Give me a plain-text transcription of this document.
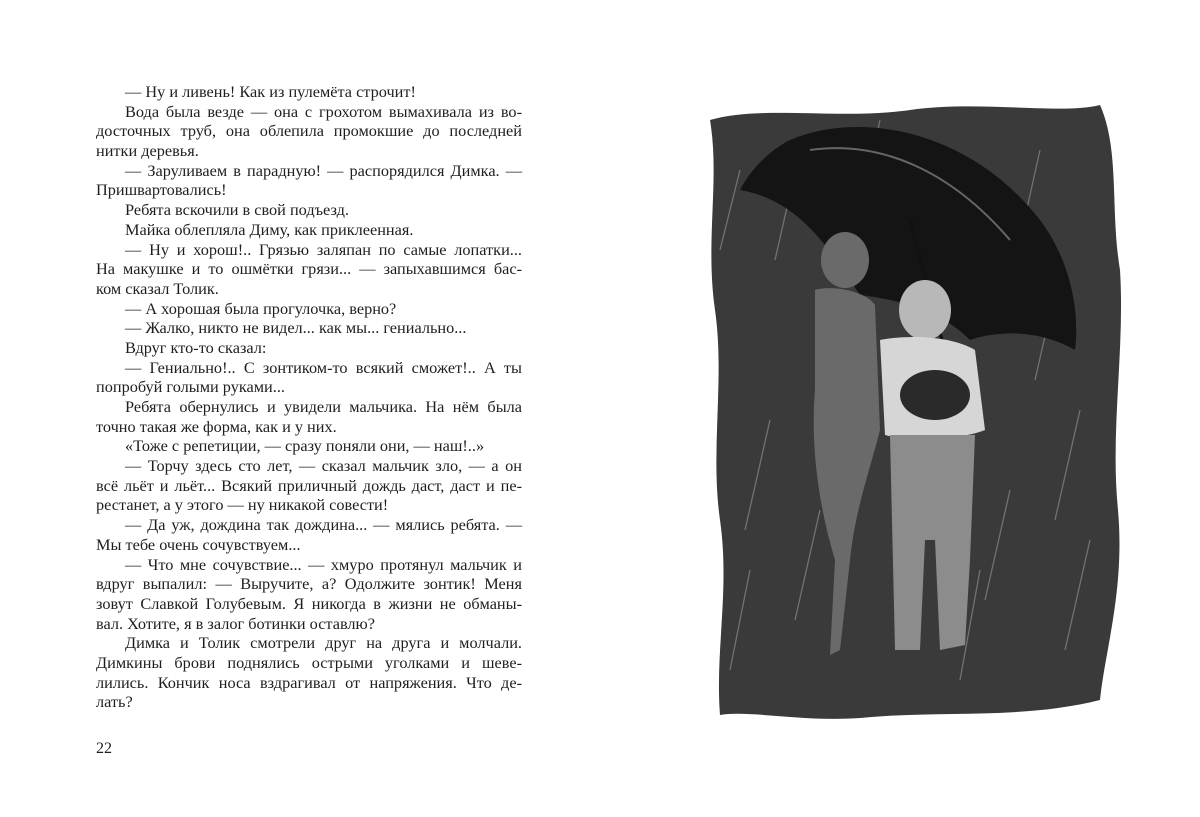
— Ну и ливень! Как из пулемёта строчит!
Вода была везде — она с грохотом вымахивала из во-
досточных труб, она облепила промокшие до последней
нитки деревья.
— Заруливаем в парадную! — распорядился Димка. —
Пришвартовались!
Ребята вскочили в свой подъезд.
Майка облепляла Диму, как приклеенная.
— Ну и хорош!.. Грязью заляпан по самые лопатки...
На макушке и то ошмётки грязи... — запыхавшимся бас-
ком сказал Толик.
— А хорошая была прогулочка, верно?
— Жалко, никто не видел... как мы... гениально...
Вдруг кто-то сказал:
— Гениально!.. С зонтиком-то всякий сможет!.. А ты
попробуй голыми руками...
Ребята обернулись и увидели мальчика. На нём была
точно такая же форма, как и у них.
«Тоже с репетиции, — сразу поняли они, — наш!..»
— Торчу здесь сто лет, — сказал мальчик зло, — а он
всё льёт и льёт... Всякий приличный дождь даст, даст и пе-
рестанет, а у этого — ну никакой совести!
— Да уж, дождина так дождина... — мялись ребята. —
Мы тебе очень сочувствуем...
— Что мне сочувствие... — хмуро протянул мальчик и
вдруг выпалил: — Выручите, а? Одолжите зонтик! Меня
зовут Славкой Голубевым. Я никогда в жизни не обманы-
вал. Хотите, я в залог ботинки оставлю?
Димка и Толик смотрели друг на друга и молчали.
Димкины брови поднялись острыми уголками и шеве-
лились. Кончик носа вздрагивал от напряжения. Что де-
лать?
22
